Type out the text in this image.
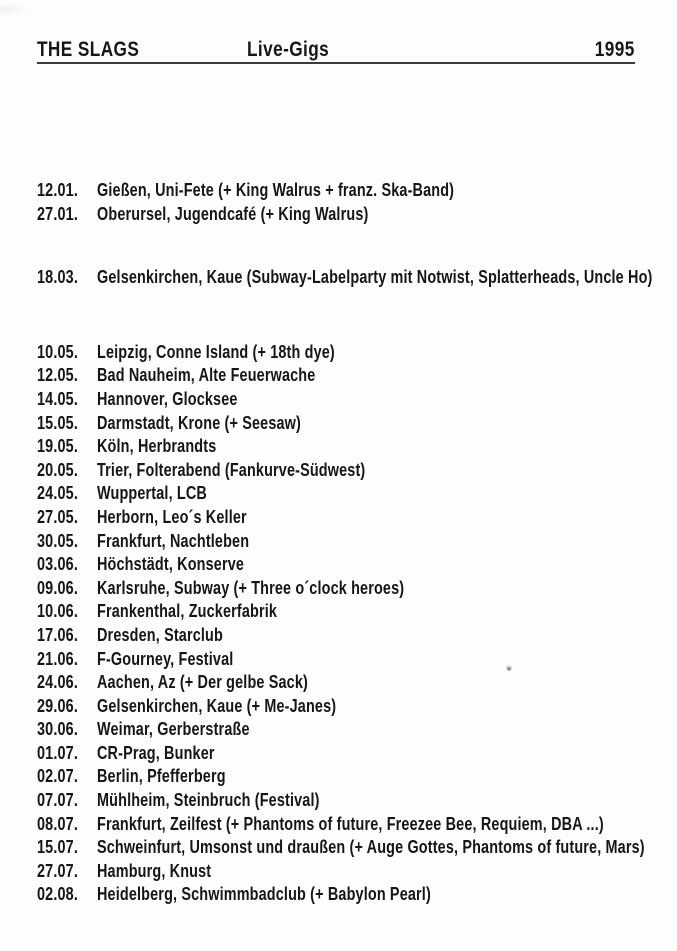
THE SLAGS	Live-Gigs	1995
12.01.	Gießen, Uni-Fete (+ King Walrus + franz. Ska-Band)
27.01.	Oberursel, Jugendcafé (+ King Walrus)
18.03.	Gelsenkirchen, Kaue (Subway-Labelparty mit Notwist, Splatterheads, Uncle Ho)
10.05.	Leipzig, Conne Island (+ 18th dye)
12.05.	Bad Nauheim, Alte Feuerwache
14.05.	Hannover, Glocksee
15.05.	Darmstadt, Krone (+ Seesaw)
19.05.	Köln, Herbrandts
20.05.	Trier, Folterabend (Fankurve-Südwest)
24.05.	Wuppertal, LCB
27.05.	Herborn, Leo´s Keller
30.05.	Frankfurt, Nachtleben
03.06.	Höchstädt, Konserve
09.06.	Karlsruhe, Subway (+ Three o´clock heroes)
10.06.	Frankenthal, Zuckerfabrik
17.06.	Dresden, Starclub
21.06.	F-Gourney, Festival
24.06.	Aachen, Az (+ Der gelbe Sack)
29.06.	Gelsenkirchen, Kaue (+ Me-Janes)
30.06.	Weimar, Gerberstraße
01.07.	CR-Prag, Bunker
02.07.	Berlin, Pfefferberg
07.07.	Mühlheim, Steinbruch (Festival)
08.07.	Frankfurt, Zeilfest (+ Phantoms of future, Freezee Bee, Requiem, DBA ...)
15.07.	Schweinfurt, Umsonst und draußen (+ Auge Gottes, Phantoms of future, Mars)
27.07.	Hamburg, Knust
02.08.	Heidelberg, Schwimmbadclub (+ Babylon Pearl)
